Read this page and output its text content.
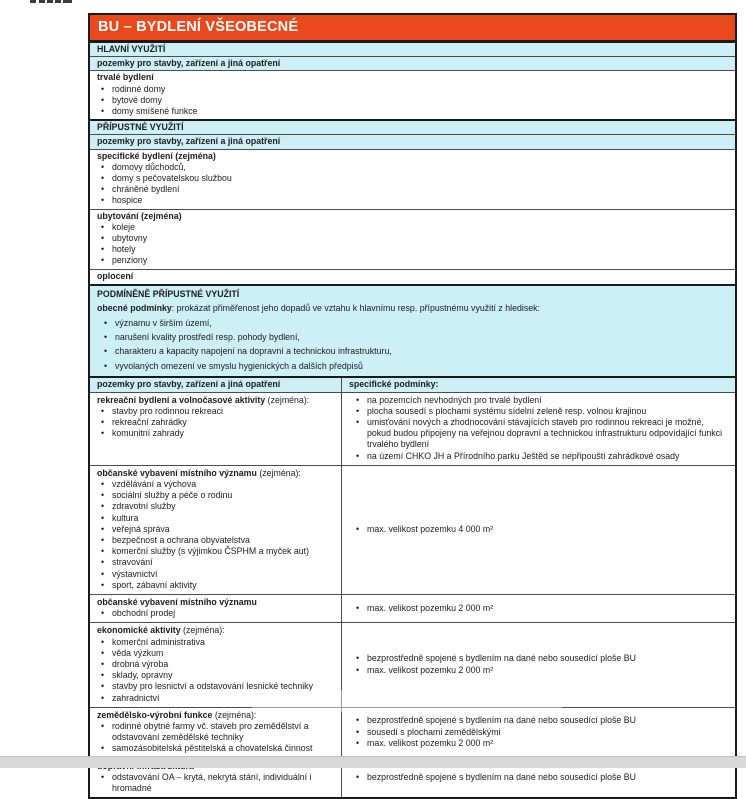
BU – BYDLENÍ VŠEOBECNÉ
HLAVNÍ VYUŽITÍ
pozemky pro stavby, zařízení a jiná opatření
trvalé bydlení
• rodinné domy
• bytové domy
• domy smíšené funkce
PŘÍPUSTNÉ VYUŽITÍ
pozemky pro stavby, zařízení a jiná opatření
specifické bydlení (zejména)
• domovy důchodců,
• domy s pečovatelskou službou
• chráněné bydlení
• hospice
ubytování (zejména)
• koleje
• ubytovny
• hotely
• penziony
oplocení
PODMÍNĚNĚ PŘÍPUSTNÉ VYUŽITÍ
obecné podmínky: prokázat přiměřenost jeho dopadů ve vztahu k hlavnímu resp. přípustnému využití z hledisek:
• významu v širším území,
• narušení kvality prostředí resp. pohody bydlení,
• charakteru a kapacity napojení na dopravní a technickou infrastrukturu,
• vyvolaných omezení ve smyslu hygienických a dalších předpisů
pozemky pro stavby, zařízení a jiná opatření	specifické podmínky:
rekreační bydlení a volnočasové aktivity (zejména):
• stavby pro rodinnou rekreaci
• rekreační zahrádky
• komunitní zahrady
• na pozemcích nevhodných pro trvalé bydlení
• plocha sousedí s plochami systému sídelní zeleně resp. volnou krajinou
• umisťování nových a zhodnocování stávajících staveb pro rodinnou rekreaci je možné, pokud budou připojeny na veřejnou dopravní a technickou infrastrukturu odpovídající funkci trvalého bydlení
• na území CHKO JH a Přírodního parku Ještěd se nepřipouští zahrádkové osady
občanské vybavení místního významu (zejména):
• vzdělávání a výchova
• sociální služby a péče o rodinu
• zdravotní služby
• kultura
• veřejná správa
• bezpečnost a ochrana obyvatelstva
• komerční služby (s výjimkou ČSPHM a myček aut)
• stravování
• výstavnictví
• sport, zábavní aktivity
• max. velikost pozemku 4 000 m²
občanské vybavení místního významu
• obchodní prodej
• max. velikost pozemku 2 000 m²
ekonomické aktivity (zejména):
• komerční administrativa
• věda výzkum
• drobná výroba
• sklady, opravny
• stavby pro lesnictví a odstavování lesnické techniky
• zahradnictví
• bezprostředně spojené s bydlením na dané nebo sousedící ploše BU
• max. velikost pozemku 2 000 m²
zemědělsko-výrobní funkce (zejména):
• rodinné obytné farmy vč. staveb pro zemědělství a odstavování zemědělské techniky
• samozásobitelská pěstitelská a chovatelská činnost
• bezprostředně spojené s bydlením na dané nebo sousedící ploše BU
• sousedí s plochami zemědělskými
• max. velikost pozemku 2 000 m²
• odstavování OA – krytá, nekrytá stání, individuální i hromadné
• bezprostředně spojené s bydlením na dané nebo sousedící ploše BU
